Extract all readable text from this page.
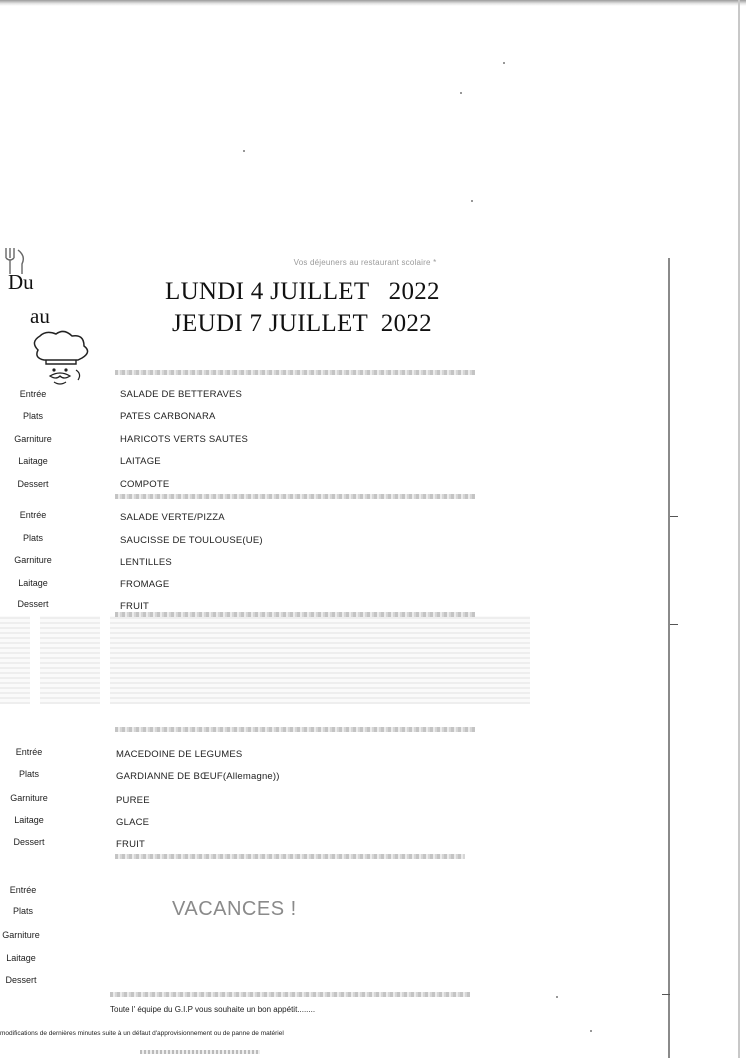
Vos déjeuners au restaurant scolaire *
Du
au
LUNDI 4 JUILLET   2022
JEUDI 7 JUILLET  2022
Entrée	SALADE DE BETTERAVES
Plats	PATES CARBONARA
Garniture	HARICOTS VERTS SAUTES
Laitage	LAITAGE
Dessert	COMPOTE
Entrée	SALADE VERTE/PIZZA
Plats	SAUCISSE DE TOULOUSE(UE)
Garniture	LENTILLES
Laitage	FROMAGE
Dessert	FRUIT
Entrée	MACEDOINE DE LEGUMES
Plats	GARDIANNE DE BŒUF(Allemagne))
Garniture	PUREE
Laitage	GLACE
Dessert	FRUIT
Entrée
Plats
Garniture
Laitage
Dessert
VACANCES !
Toute l' équipe du G.I.P vous souhaite un bon appétit........
modifications de dernières minutes suite à un défaut d'approvisionnement ou de panne de matériel
